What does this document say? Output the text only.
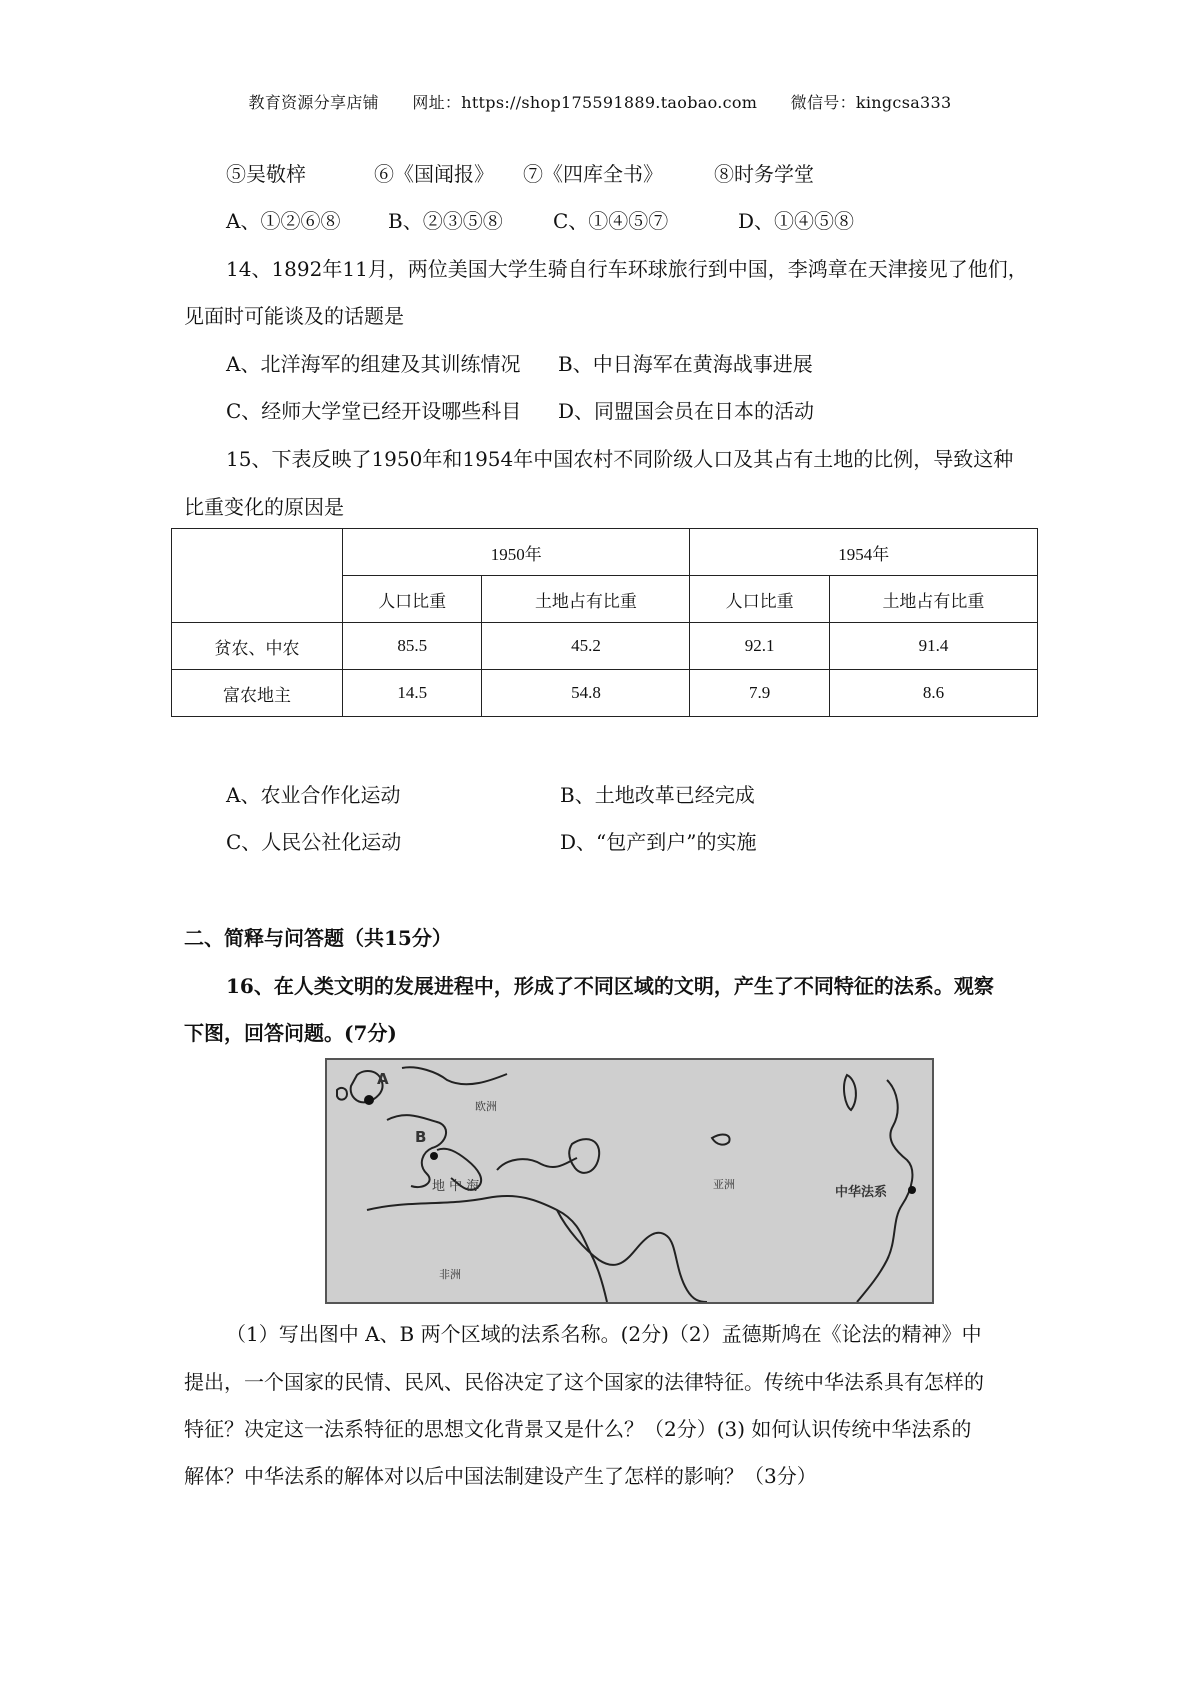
教育资源分享店铺 网址：https://shop175591889.taobao.com 微信号：kingcsa333
⑤吴敬梓	⑥《国闻报》 ⑦《四库全书》	⑧时务学堂
A、①②⑥⑧ B、②③⑤⑧	C、①④⑤⑦	D、①④⑤⑧
14、1892年11月，两位美国大学生骑自行车环球旅行到中国，李鸿章在天津接见了他们，
见面时可能谈及的话题是
A、北洋海军的组建及其训练情况 B、中日海军在黄海战事进展
C、经师大学堂已经开设哪些科目 D、同盟国会员在日本的活动
15、下表反映了1950年和1954年中国农村不同阶级人口及其占有土地的比例，导致这种
比重变化的原因是
	1950年		1954年	
	人口比重	土地占有比重	人口比重	土地占有比重
贫农、中农	85.5	45.2	92.1	91.4
富农地主	14.5	54.8	7.9	8.6
A、农业合作化运动	B、土地改革已经完成
C、人民公社化运动	D、“包产到户”的实施
二、简释与问答题（共15分）
16、在人类文明的发展进程中，形成了不同区域的文明，产生了不同特征的法系。观察
下图，回答问题。(7分)
A
B
欧洲
地 中 海	亚洲
非洲
中华法系
（1）写出图中 A、B 两个区域的法系名称。(2分)（2）孟德斯鸠在《论法的精神》中
提出，一个国家的民情、民风、民俗决定了这个国家的法律特征。传统中华法系具有怎样的
特征？决定这一法系特征的思想文化背景又是什么？（2分）(3) 如何认识传统中华法系的
解体？中华法系的解体对以后中国法制建设产生了怎样的影响？（3分）
